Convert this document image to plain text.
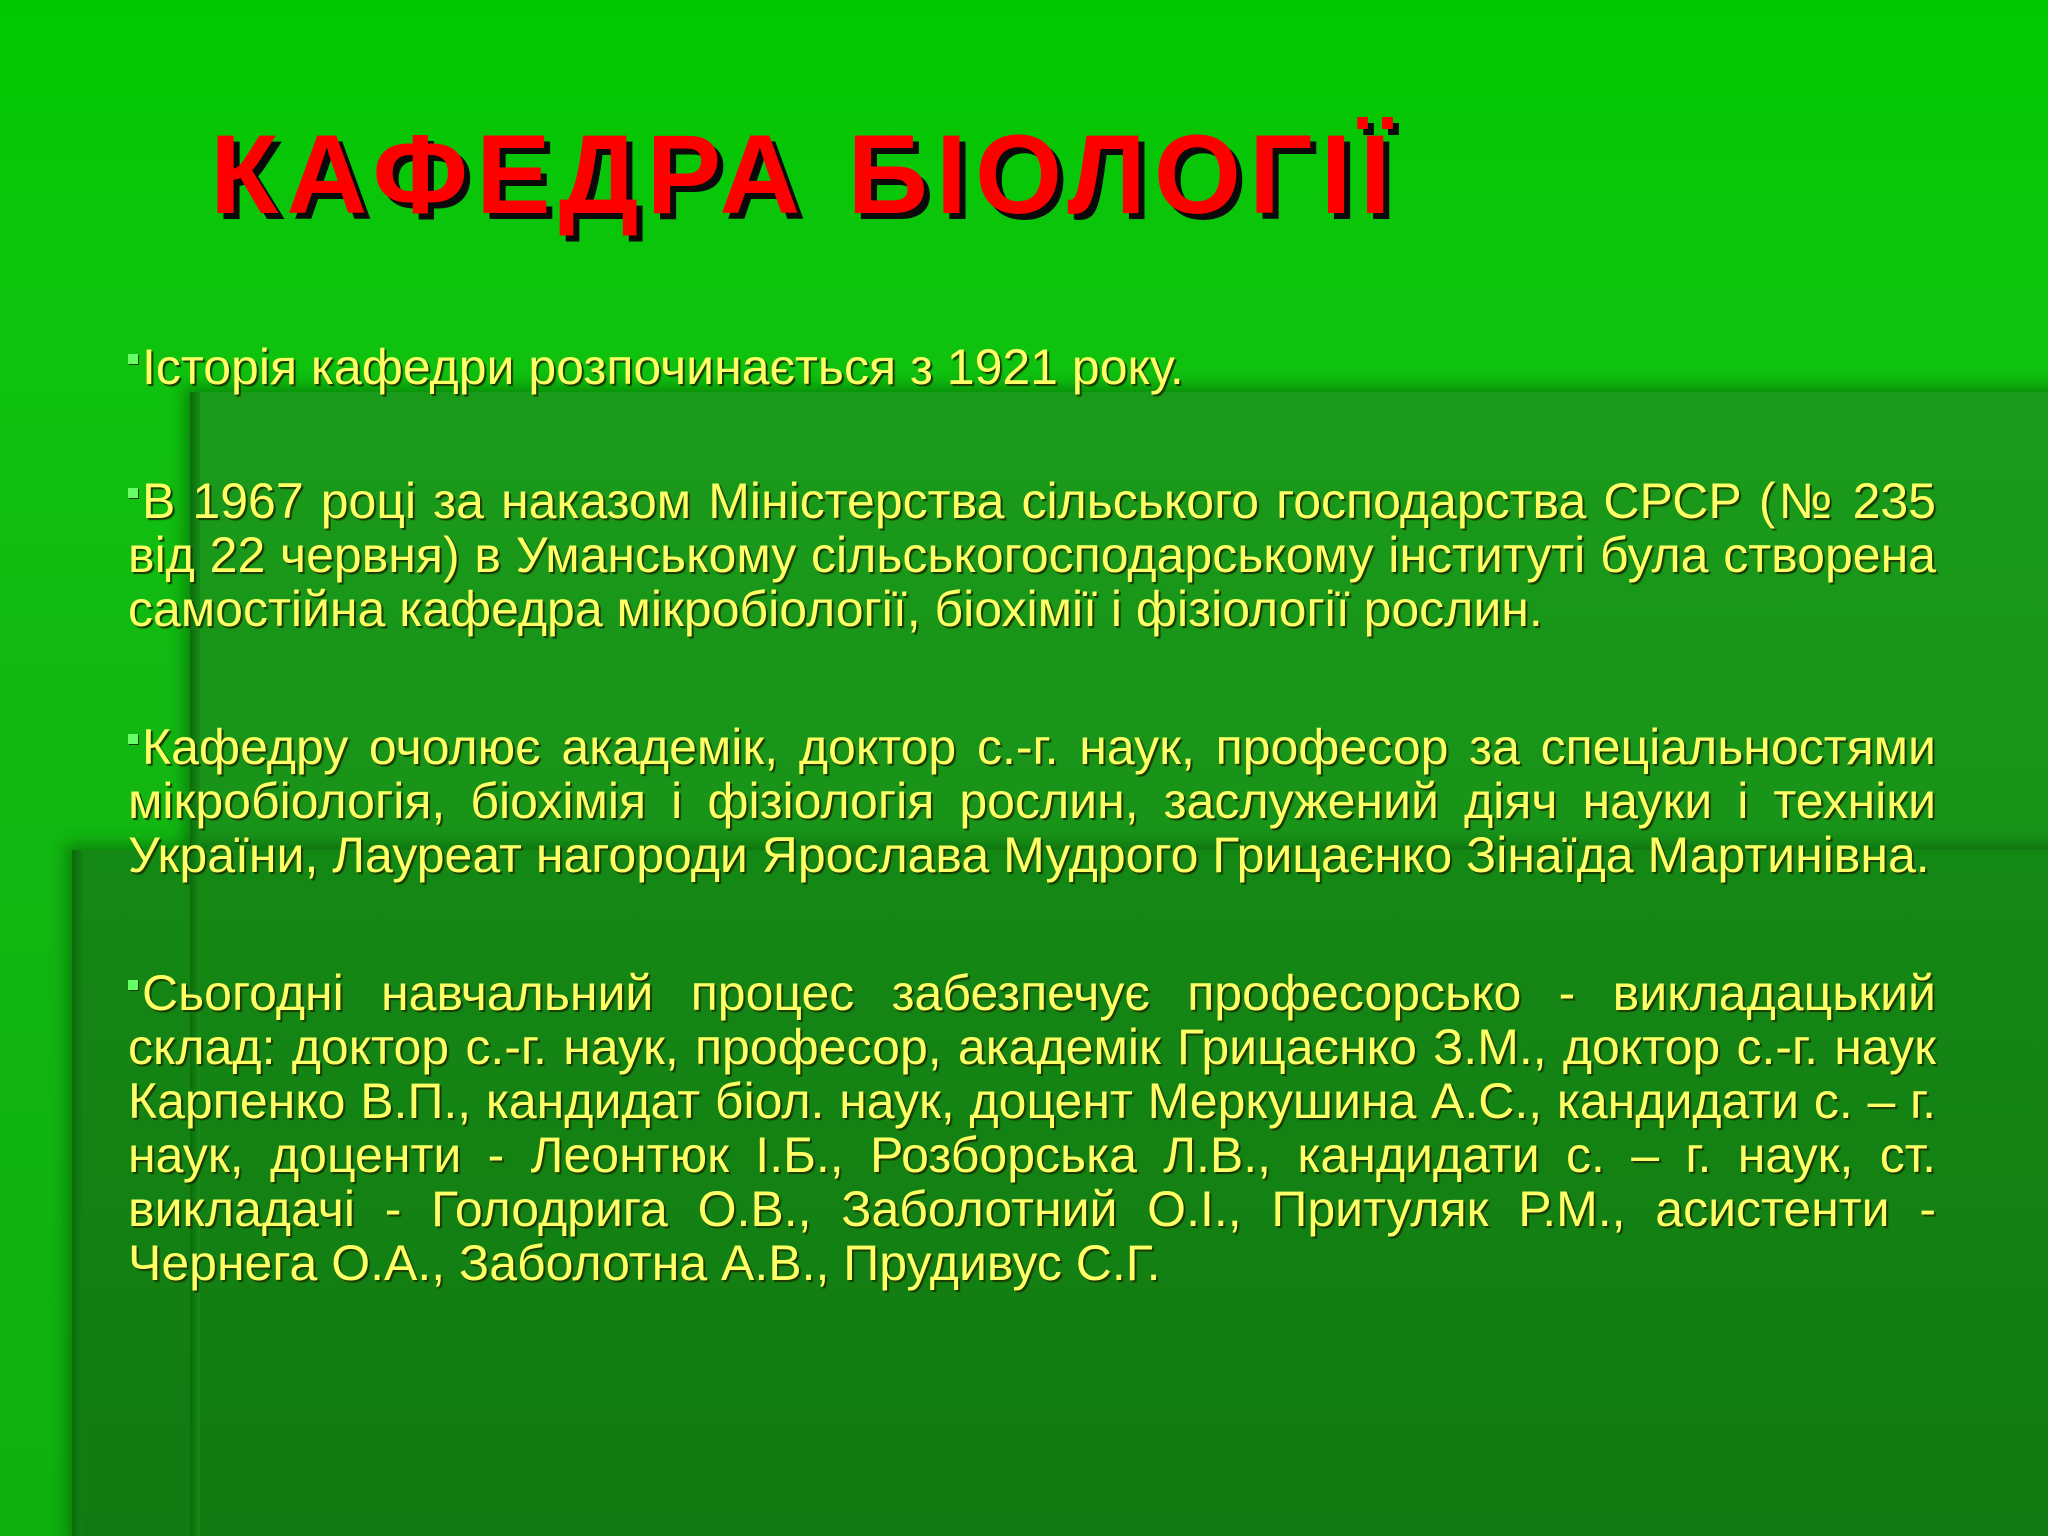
КАФЕДРА БІОЛОГІЇ

Історія кафедри розпочинається з 1921 року.

В 1967 році за наказом Міністерства сільського господарства СРСР (№ 235 від 22 червня) в Уманському сільськогосподарському інституті була створена самостійна кафедра мікробіології, біохімії і фізіології рослин.

Кафедру очолює академік, доктор с.-г. наук, професор за спеціальностями мікробіологія, біохімія і фізіологія рослин, заслужений діяч науки і техніки України, Лауреат нагороди Ярослава Мудрого Грицаєнко Зінаїда Мартинівна.

Сьогодні навчальний процес забезпечує професорсько - викладацький склад: доктор с.-г. наук, професор, академік Грицаєнко З.М., доктор с.-г. наук Карпенко В.П., кандидат біол. наук, доцент Меркушина А.С., кандидати с. – г. наук, доценти - Леонтюк І.Б., Розборська Л.В., кандидати с. – г. наук, ст. викладачі - Голодрига О.В., Заболотний О.І., Притуляк Р.М., асистенти - Чернега О.А., Заболотна А.В., Прудивус С.Г.
